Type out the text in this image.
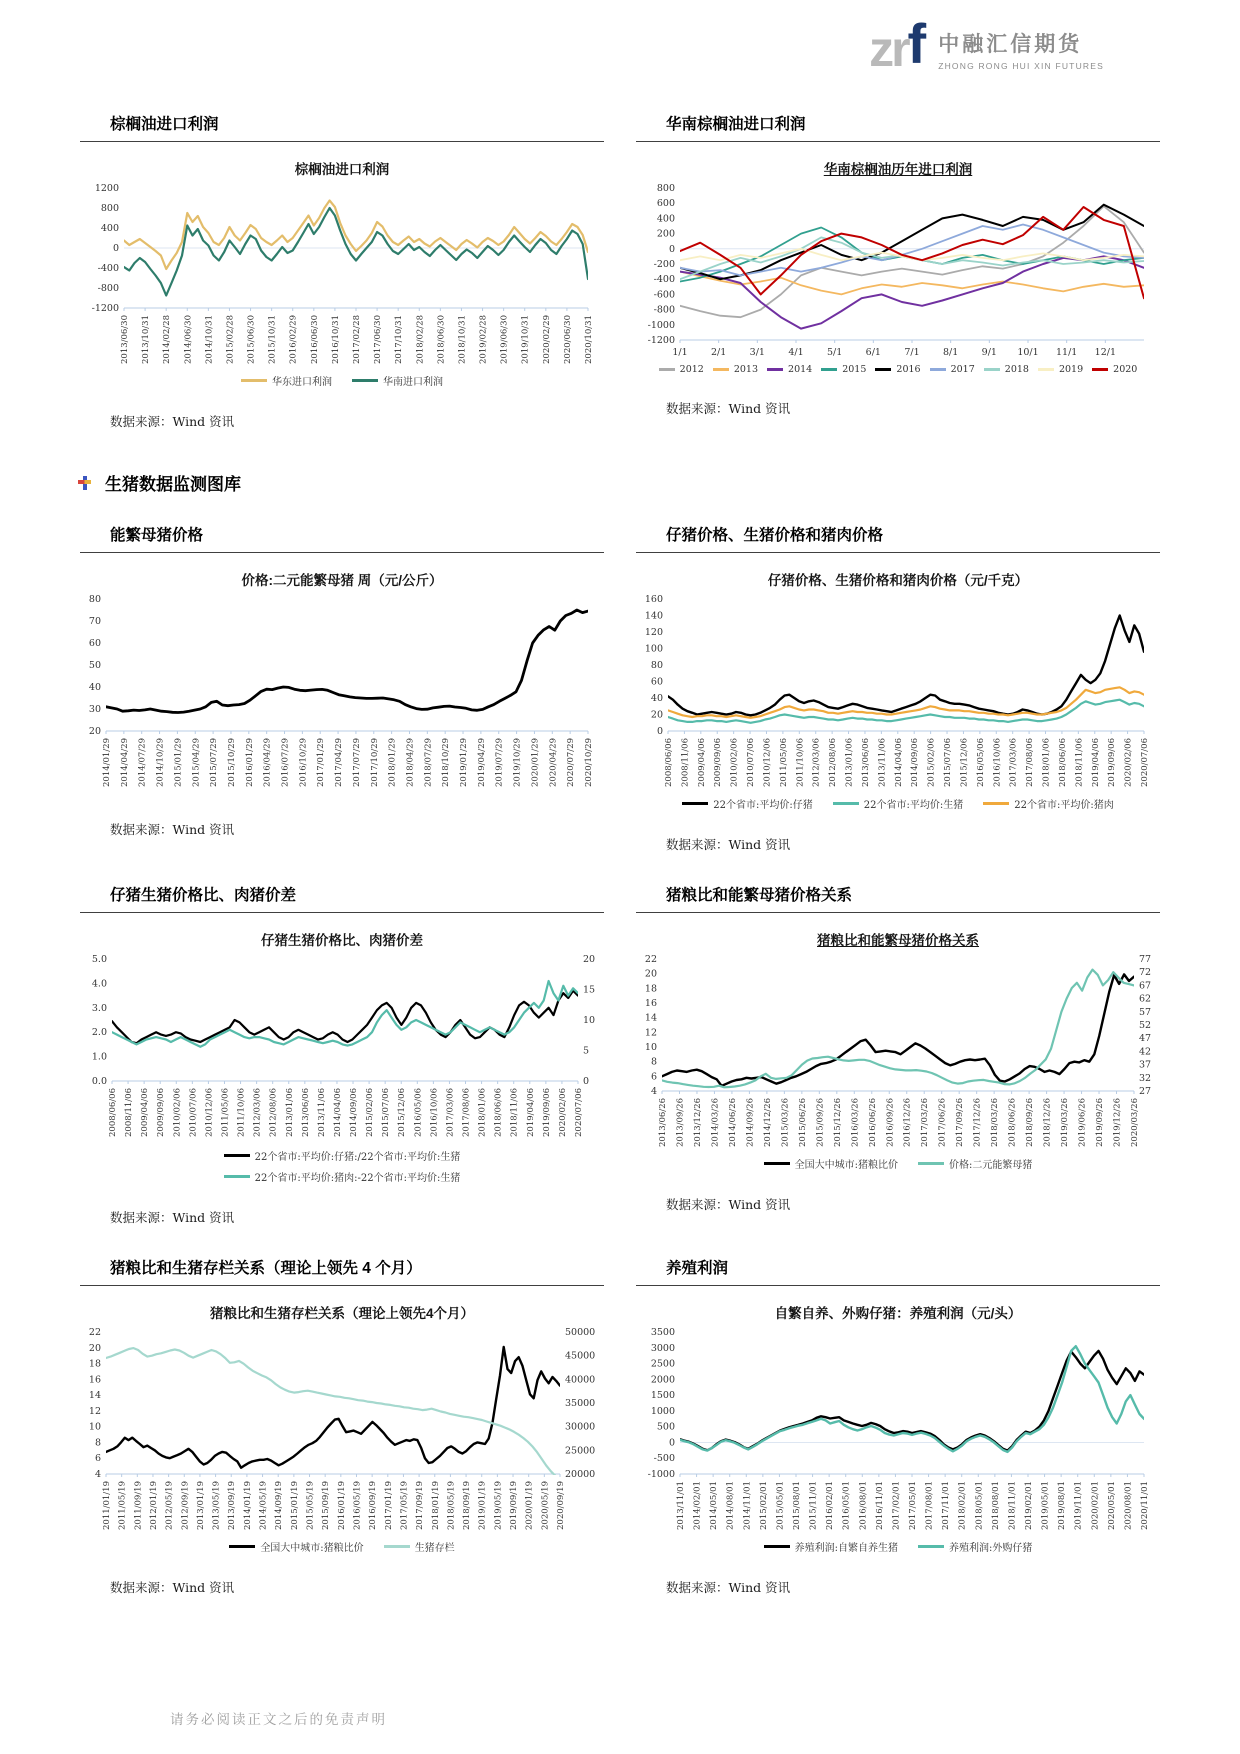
zr f 中融汇信期货
ZHONG RONG HUI XIN FUTURES
棕榈油进口利润
棕榈油进口利润
1200
800
400
0
-400
-800
-1200
2013/06/30 2013/10/31 2014/02/28 2014/06/30 2014/10/31 2015/02/28 2015/06/30 2015/10/31 2016/02/29 2016/06/30 2016/10/31 2017/02/28 2017/06/30 2017/10/31 2018/02/28 2018/06/30 2018/10/31 2019/02/28 2019/06/30 2019/10/31 2020/02/29 2020/06/30 2020/10/31
华东进口利润	华南进口利润
数据来源：Wind 资讯
华南棕榈油进口利润
华南棕榈油历年进口利润
800
600
400
200
0
-200
-400
-600
-800
-1000
-1200
1/1 2/1 3/1 4/1 5/1 6/1 7/1 8/1 9/1 10/1 11/1 12/1
2012	2013	2014	2015	2016	2017	2018	2019	2020
数据来源：Wind 资讯
生猪数据监测图库
能繁母猪价格
价格:二元能繁母猪 周（元/公斤）
80
70
60
50
40
30
20
2014/01/29 2014/04/29 2014/07/29 2014/10/29 2015/01/29 2015/04/29 2015/07/29 2015/10/29 2016/01/29 2016/04/29 2016/07/29 2016/10/29 2017/01/29 2017/04/29 2017/07/29 2017/10/29 2018/01/29 2018/04/29 2018/07/29 2018/10/29 2019/01/29 2019/04/29 2019/07/29 2019/10/29 2020/01/29 2020/04/29 2020/07/29 2020/10/29
数据来源：Wind 资讯
仔猪价格、生猪价格和猪肉价格
仔猪价格、生猪价格和猪肉价格（元/千克）
160
140
120
100
80
60
40
20
0
2008/06/06 2008/11/06 2009/04/06 2009/09/06 2010/02/06 2010/07/06 2010/12/06 2011/05/06 2011/10/06 2012/03/06 2012/08/06 2013/01/06 2013/06/06 2013/11/06 2014/04/06 2014/09/06 2015/02/06 2015/07/06 2015/12/06 2016/05/06 2016/10/06 2017/03/06 2017/08/06 2018/01/06 2018/06/06 2018/11/06 2019/04/06 2019/09/06 2020/02/06 2020/07/06
22个省市:平均价:仔猪	22个省市:平均价:生猪	22个省市:平均价:猪肉
数据来源：Wind 资讯
仔猪生猪价格比、肉猪价差
仔猪生猪价格比、肉猪价差
5.0
4.0
3.0
2.0
1.0
0.0
20
15
10
5
0
2008/06/06 2008/11/06 2009/04/06 2009/09/06 2010/02/06 2010/07/06 2010/12/06 2011/05/06 2011/10/06 2012/03/06 2012/08/06 2013/01/06 2013/06/06 2013/11/06 2014/04/06 2014/09/06 2015/02/06 2015/07/06 2015/12/06 2016/05/06 2016/10/06 2017/03/06 2017/08/06 2018/01/06 2018/06/06 2018/11/06 2019/04/06 2019/09/06 2020/02/06 2020/07/06
22个省市:平均价:仔猪:/22个省市:平均价:生猪
22个省市:平均价:猪肉:-22个省市:平均价:生猪
数据来源：Wind 资讯
猪粮比和能繁母猪价格关系
猪粮比和能繁母猪价格关系
22
20
18
16
14
12
10
8
6
4
77
72
67
62
57
52
47
42
37
32
27
2013/06/26 2013/09/26 2013/12/26 2014/03/26 2014/06/26 2014/09/26 2014/12/26 2015/03/26 2015/06/26 2015/09/26 2015/12/26 2016/03/26 2016/06/26 2016/09/26 2016/12/26 2017/03/26 2017/06/26 2017/09/26 2017/12/26 2018/03/26 2018/06/26 2018/09/26 2018/12/26 2019/03/26 2019/06/26 2019/09/26 2019/12/26 2020/03/26
全国大中城市:猪粮比价	价格:二元能繁母猪
数据来源：Wind 资讯
猪粮比和生猪存栏关系（理论上领先 4 个月）
猪粮比和生猪存栏关系（理论上领先4个月）
22
20
18
16
14
12
10
8
6
4
50000
45000
40000
35000
30000
25000
20000
2011/01/19 2011/05/19 2011/09/19 2012/01/19 2012/05/19 2012/09/19 2013/01/19 2013/05/19 2013/09/19 2014/01/19 2014/05/19 2014/09/19 2015/01/19 2015/05/19 2015/09/19 2016/01/19 2016/05/19 2016/09/19 2017/01/19 2017/05/19 2017/09/19 2018/01/19 2018/05/19 2018/09/19 2019/01/19 2019/05/19 2019/09/19 2020/01/19 2020/05/19 2020/09/19
全国大中城市:猪粮比价	生猪存栏
数据来源：Wind 资讯
养殖利润
自繁自养、外购仔猪：养殖利润（元/头）
3500
3000
2500
2000
1500
1000
500
0
-500
-1000
2013/11/01 2014/02/01 2014/05/01 2014/08/01 2014/11/01 2015/02/01 2015/05/01 2015/08/01 2015/11/01 2016/02/01 2016/05/01 2016/08/01 2016/11/01 2017/02/01 2017/05/01 2017/08/01 2017/11/01 2018/02/01 2018/05/01 2018/08/01 2018/11/01 2019/02/01 2019/05/01 2019/08/01 2019/11/01 2020/02/01 2020/05/01 2020/08/01 2020/11/01
养殖利润:自繁自养生猪	养殖利润:外购仔猪
数据来源：Wind 资讯
请务必阅读正文之后的免责声明
